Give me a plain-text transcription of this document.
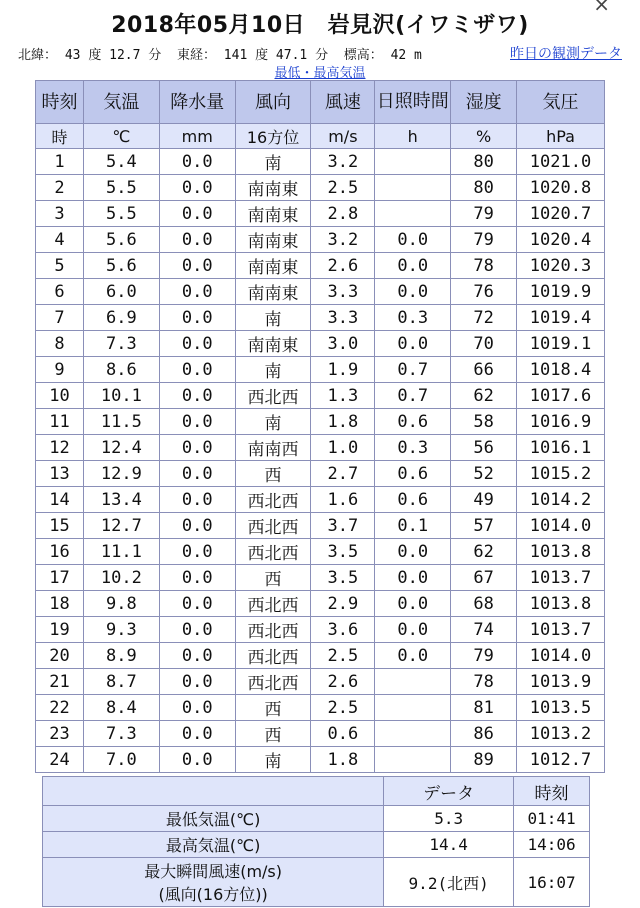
2018年05月10日　岩見沢(イワミザワ)
×
北緯： 43 度 12.7 分 東経： 141 度 47.1 分 標高： 42 m	昨日の観測データ
最低・最高気温
時刻	気温	降水量	風向	風速	日照時間	湿度	気圧
時	℃	mm	16方位	m/s	h	%	hPa
1	5.4	0.0	南	3.2		80	1021.0
2	5.5	0.0	南南東	2.5		80	1020.8
3	5.5	0.0	南南東	2.8		79	1020.7
4	5.6	0.0	南南東	3.2	0.0	79	1020.4
5	5.6	0.0	南南東	2.6	0.0	78	1020.3
6	6.0	0.0	南南東	3.3	0.0	76	1019.9
7	6.9	0.0	南	3.3	0.3	72	1019.4
8	7.3	0.0	南南東	3.0	0.0	70	1019.1
9	8.6	0.0	南	1.9	0.7	66	1018.4
10	10.1	0.0	西北西	1.3	0.7	62	1017.6
11	11.5	0.0	南	1.8	0.6	58	1016.9
12	12.4	0.0	南南西	1.0	0.3	56	1016.1
13	12.9	0.0	西	2.7	0.6	52	1015.2
14	13.4	0.0	西北西	1.6	0.6	49	1014.2
15	12.7	0.0	西北西	3.7	0.1	57	1014.0
16	11.1	0.0	西北西	3.5	0.0	62	1013.8
17	10.2	0.0	西	3.5	0.0	67	1013.7
18	9.8	0.0	西北西	2.9	0.0	68	1013.8
19	9.3	0.0	西北西	3.6	0.0	74	1013.7
20	8.9	0.0	西北西	2.5	0.0	79	1014.0
21	8.7	0.0	西北西	2.6		78	1013.9
22	8.4	0.0	西	2.5		81	1013.5
23	7.3	0.0	西	0.6		86	1013.2
24	7.0	0.0	南	1.8		89	1012.7
	データ	時刻
最低気温(℃)	5.3	01:41
最高気温(℃)	14.4	14:06

最大瞬間風速(m/s)
(風向(16方位))	9.2(北西)	16:07
